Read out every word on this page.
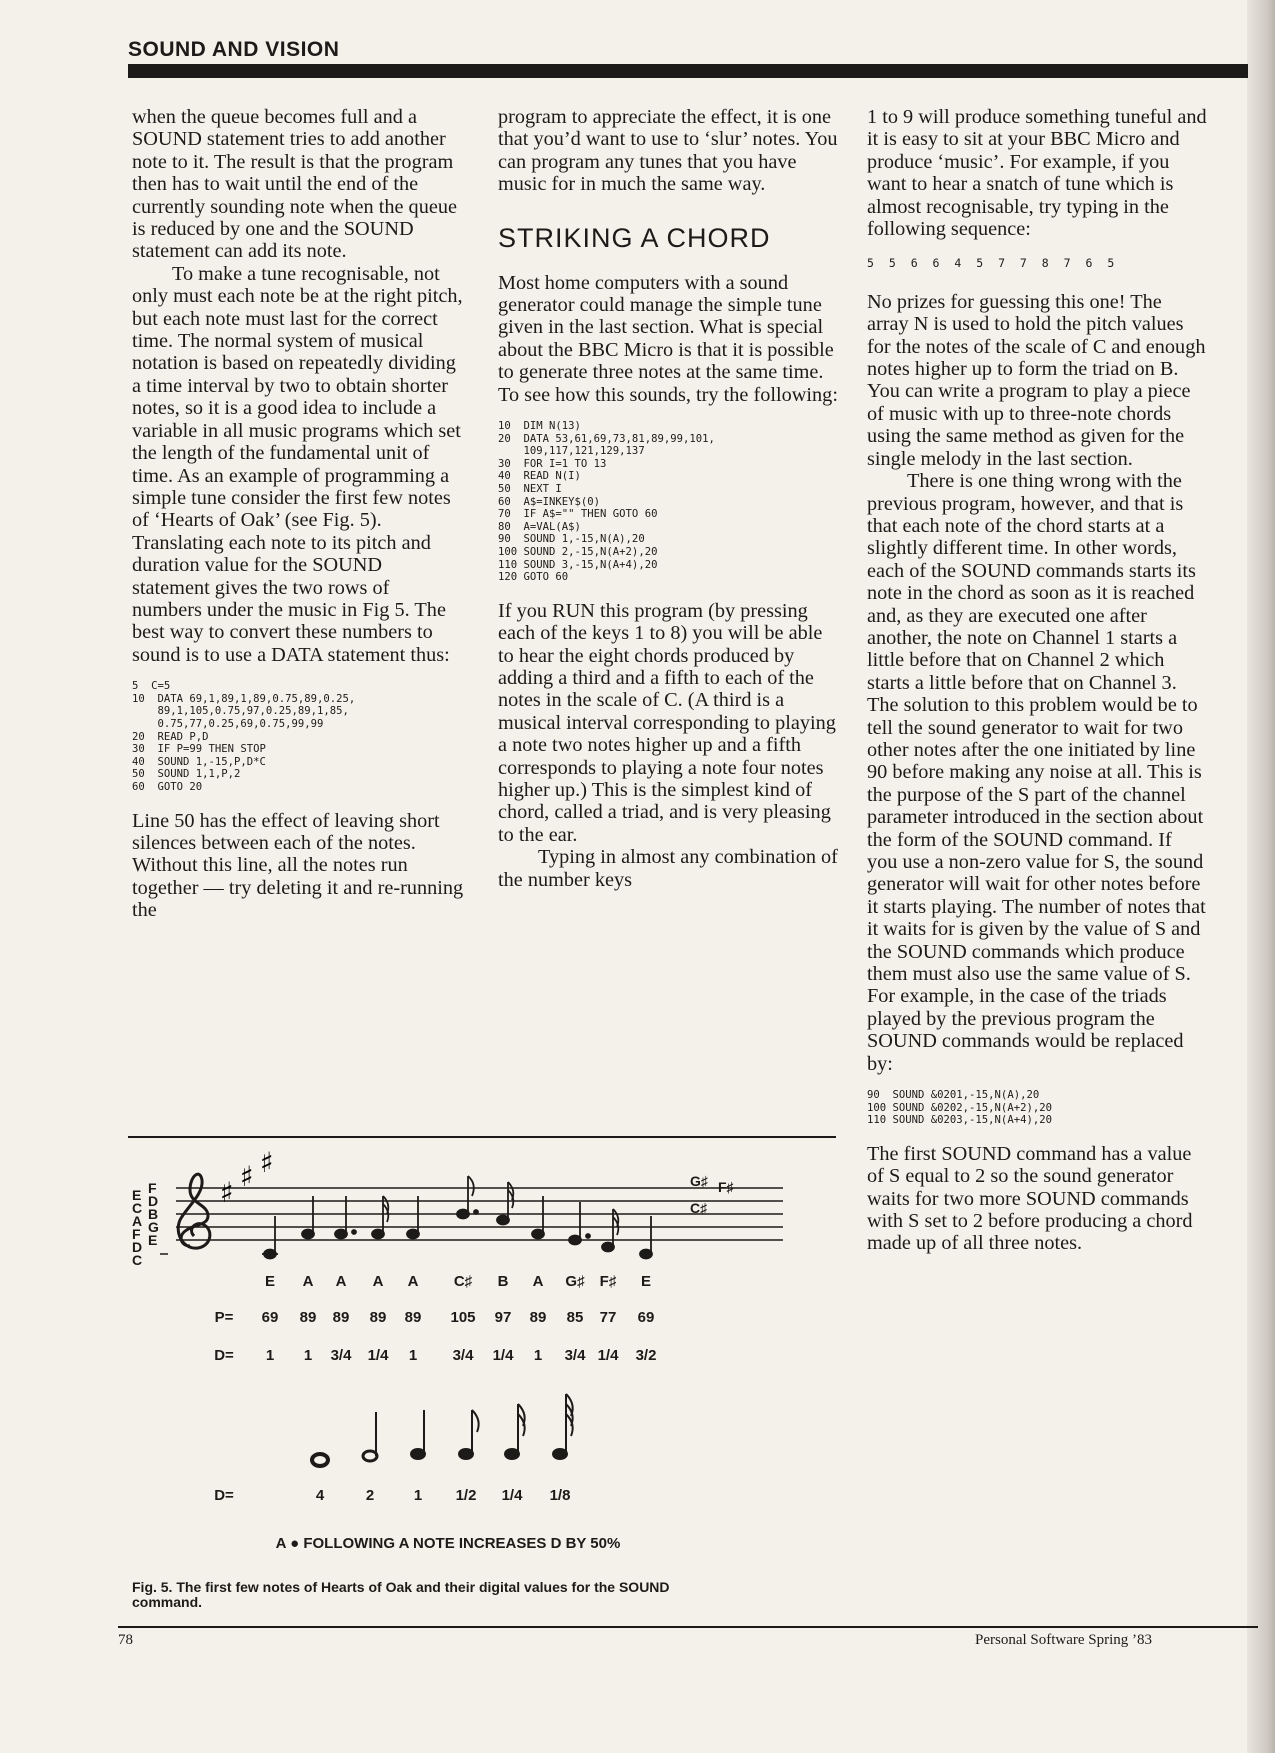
SOUND AND VISION

when the queue becomes full and a SOUND statement tries to add another note to it. The result is that the program then has to wait until the end of the currently sounding note when the queue is reduced by one and the SOUND statement can add its note.

To make a tune recognisable, not only must each note be at the right pitch, but each note must last for the correct time. The normal system of musical notation is based on repeatedly dividing a time interval by two to obtain shorter notes, so it is a good idea to include a variable in all music programs which set the length of the fundamental unit of time. As an example of programming a simple tune consider the first few notes of ‘Hearts of Oak’ (see Fig. 5). Translating each note to its pitch and duration value for the SOUND statement gives the two rows of numbers under the music in Fig 5. The best way to convert these numbers to sound is to use a DATA statement thus:

5  C=5
10  DATA 69,1,89,1,89,0.75,89,0.25,
89,1,105,0.75,97,0.25,89,1,85,
0.75,77,0.25,69,0.75,99,99
20  READ P,D
30  IF P=99 THEN STOP
40  SOUND 1,-15,P,D*C
50  SOUND 1,1,P,2
60  GOTO 20

Line 50 has the effect of leaving short silences between each of the notes. Without this line, all the notes run together — try deleting it and re-running the

program to appreciate the effect, it is one that you’d want to use to ‘slur’ notes. You can program any tunes that you have music for in much the same way.

STRIKING A CHORD

Most home computers with a sound generator could manage the simple tune given in the last section. What is special about the BBC Micro is that it is possible to generate three notes at the same time. To see how this sounds, try the following:

10  DIM N(13)
20  DATA 53,61,69,73,81,89,99,101,
109,117,121,129,137
30  FOR I=1 TO 13
40  READ N(I)
50  NEXT I
60  A$=INKEY$(0)
70  IF A$="" THEN GOTO 60
80  A=VAL(A$)
90  SOUND 1,-15,N(A),20
100 SOUND 2,-15,N(A+2),20
110 SOUND 3,-15,N(A+4),20
120 GOTO 60

If you RUN this program (by pressing each of the keys 1 to 8) you will be able to hear the eight chords produced by adding a third and a fifth to each of the notes in the scale of C. (A third is a musical interval corresponding to playing a note two notes higher up and a fifth corresponds to playing a note four notes higher up.) This is the simplest kind of chord, called a triad, and is very pleasing to the ear.

Typing in almost any combination of the number keys

1 to 9 will produce something tuneful and it is easy to sit at your BBC Micro and produce ‘music’. For example, if you want to hear a snatch of tune which is almost recognisable, try typing in the following sequence:

5 5 6 6 4 5 7 7 8 7 6 5

No prizes for guessing this one! The array N is used to hold the pitch values for the notes of the scale of C and enough notes higher up to form the triad on B. You can write a program to play a piece of music with up to three-note chords using the same method as given for the single melody in the last section.

There is one thing wrong with the previous program, however, and that is that each note of the chord starts at a slightly different time. In other words, each of the SOUND commands starts its note in the chord as soon as it is reached and, as they are executed one after another, the note on Channel 1 starts a little before that on Channel 2 which starts a little before that on Channel 3. The solution to this problem would be to tell the sound generator to wait for two other notes after the one initiated by line 90 before making any noise at all. This is the purpose of the S part of the channel parameter introduced in the section about the form of the SOUND command. If you use a non-zero value for S, the sound generator will wait for other notes before it starts playing. The number of notes that it waits for is given by the value of S and the SOUND commands which produce them must also use the same value of S. For example, in the case of the triads played by the previous program the SOUND commands would be replaced by:

90  SOUND &0201,-15,N(A),20
100 SOUND &0202,-15,N(A+2),20
110 SOUND &0203,-15,N(A+4),20

The first SOUND command has a value of S equal to 2 so the sound generator waits for two more SOUND commands with S set to 2 before producing a chord made up of all three notes.

♯ ♯ ♯
F
D
B
G
E
E
C
A
F
D
C
G♯ F♯
C♯
E A A A A C♯ B A G♯ F♯ E
P= 69 89 89 89 89 105 97 89 85 77 69
D= 1 1 3/4 1/4 1 3/4 1/4 1 3/4 1/4 3/2
D=	4	2	1 1/2 1/4 1/8
A ● FOLLOWING A NOTE INCREASES D BY 50%
Fig. 5. The first few notes of Hearts of Oak and their digital values for the SOUND command.
78	Personal Software Spring ’83
